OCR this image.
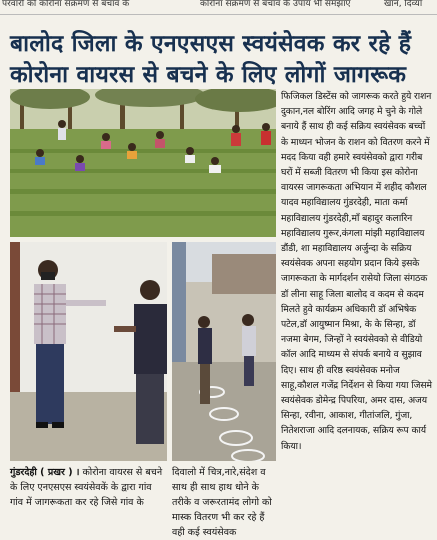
परवारों को कोरोना संक्रमण से बचाव के	कोरोना संक्रमण से बचाव के उपाय भी समझाए	खान, दिव्या
बालोद जिला के एनएसएस स्वयंसेवक कर रहे हैं
कोरोना वायरस से बचने के लिए लोगों जागरूक

फिजिकल डिस्टेंस को जागरूक करते हुये राशन दुकान,नल बोरिंग आदि जगह मे चुने के गोले बनाये हैं साथ ही कई सक्रिय स्वयंसेवक बच्चों के माध्यन भोजन के राशन को वितरण करने में मदद किया वही हमारे स्वयंसेवको द्वारा गरीब घरों में सब्जी वितरण भी किया इस कोरोना वायरस जागरूकता अभियान में शहीद कौशल यादव महाविद्यालय गुंडरदेही, माता कर्मा महाविद्यालय गुंडरदेही,मॉं बहादुर कलारिन महाविद्यालय गुरूर,कंगला मांझी महाविद्यालय डौंडी, शा महाविद्यालय अर्जुन्दा के सक्रिय स्वयंसेवक अपना सहयोग प्रदान किये इसके जागरूकता के मार्गदर्शन रासेयो जिला संगठक डॉ लीना साहू जिला बालोद व कदम से कदम मिलते हुवे कार्यक्रम अधिकारी डॉ अभिषेक पटेल,डॉ आयुष्मान मिश्रा, के के सिन्हा, डॉ नजमा बेगम, जिन्हों ने स्वयंसेवको से वीडियो कॉल आदि माध्यम से संपर्क बनाये व सुझाव दिए। साथ ही वरिष्ठ स्वयंसेवक मनोज साहू,कौशल गजेंद्र निर्देशन से किया गया जिसमे स्वयंसेवक डोमेन्द्र पिपरिया, अमर दास, अजय सिन्हा, रवीना, आकाश, गीतांजलि, गुंजा, नितेशराजा आदि दलनायक, सक्रिय रूप कार्य किया।

गुंडरदेही ( प्रखर ) । कोरोना वायरस से बचने के लिए एनएसएस स्वयंसेवकें के द्वारा गांव गांव में जागरूकता कर रहे जिसे गांव के

दिवालो में चित्र,नारे,संदेश व साथ ही साथ हाथ धोने के तरीके व जरूरतामंद लोगो को मास्क वितरण भी कर रहे हैं वही कई स्वयंसेवक
